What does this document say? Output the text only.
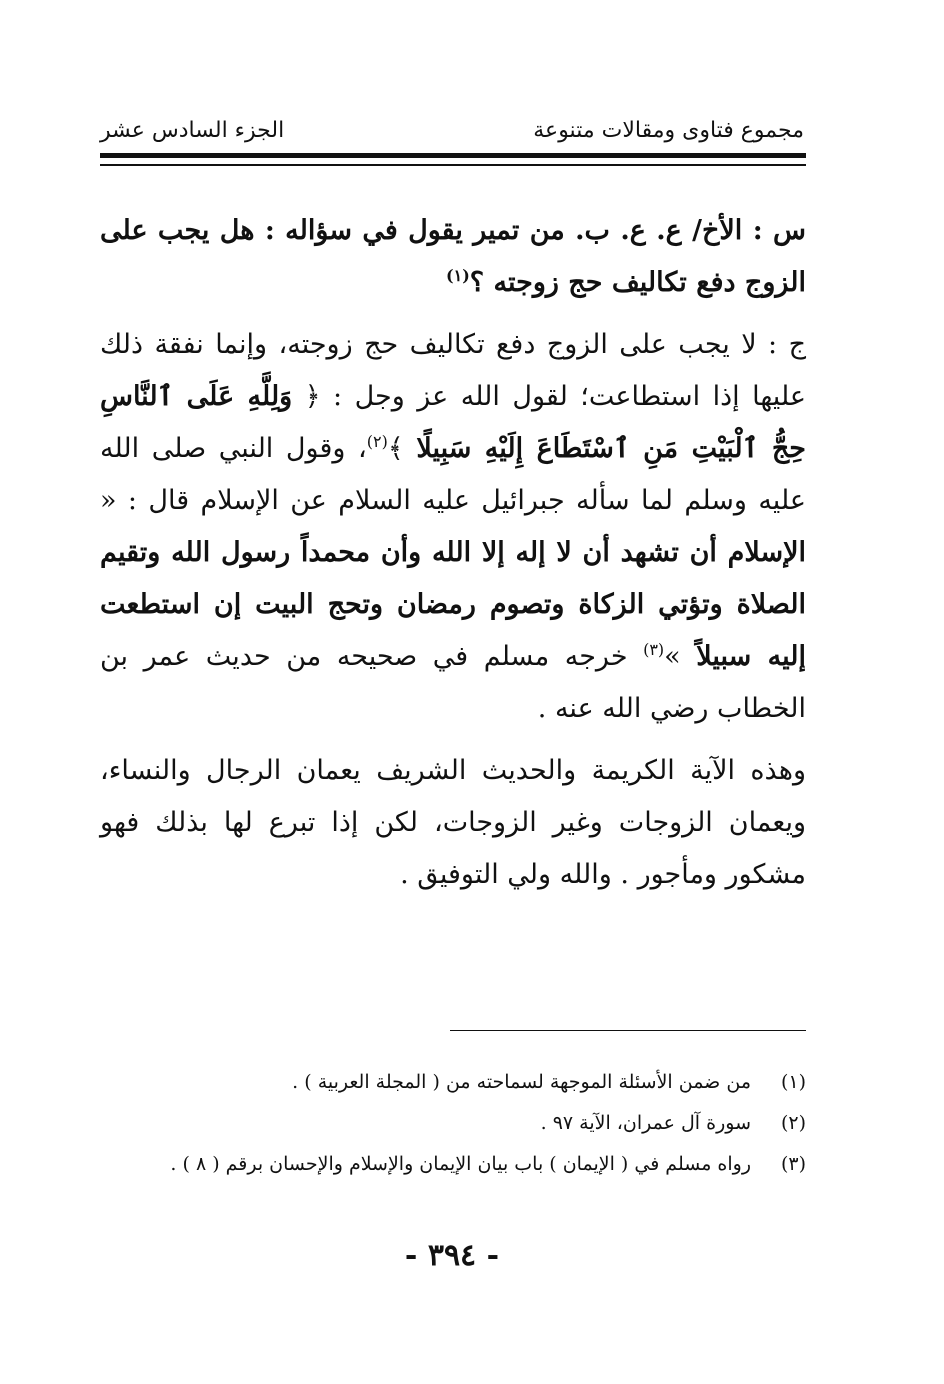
مجموع فتاوى ومقالات متنوعة
الجزء السادس عشر

س : الأخ/ ع. ع. ب. من تمير يقول في سؤاله : هل يجب على الزوج دفع تكاليف حج زوجته ؟$^{(١)}$

ج : لا يجب على الزوج دفع تكاليف حج زوجته، وإنما نفقة ذلك عليها إذا استطاعت؛ لقول الله عز وجل : ﴿ وَلِلَّهِ عَلَى ٱلنَّاسِ حِجُّ ٱلْبَيْتِ مَنِ ٱسْتَطَاعَ إِلَيْهِ سَبِيلًا ﴾$^{(٢)}$، وقول النبي صلى الله عليه وسلم لما سأله جبرائيل عليه السلام عن الإسلام قال : « الإسلام أن تشهد أن لا إله إلا الله وأن محمداً رسول الله وتقيم الصلاة وتؤتي الزكاة وتصوم رمضان وتحج البيت إن استطعت إليه سبيلاً »$^{(٣)}$ خرجه مسلم في صحيحه من حديث عمر بن الخطاب رضي الله عنه .

وهذه الآية الكريمة والحديث الشريف يعمان الرجال والنساء، ويعمان الزوجات وغير الزوجات، لكن إذا تبرع لها بذلك فهو مشكور ومأجور . والله ولي التوفيق .

(١)
من ضمن الأسئلة الموجهة لسماحته من ( المجلة العربية ) .

(٢)
سورة آل عمران، الآية ٩٧ .

(٣)
رواه مسلم في ( الإيمان ) باب بيان الإيمان والإسلام والإحسان برقم ( ٨ ) .

- ٣٩٤ -
